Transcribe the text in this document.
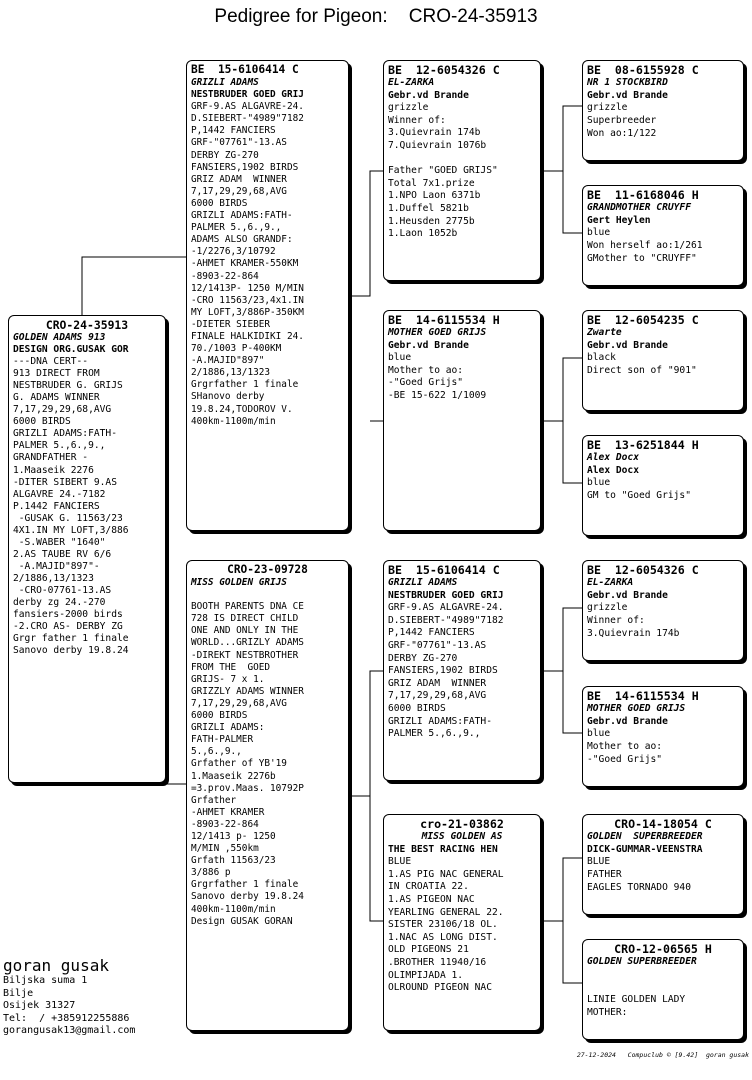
Pedigree for Pigeon:    CRO-24-35913
CRO-24-35913
GOLDEN ADAMS 913
DESIGN ORG.GUSAK GOR
---DNA CERT--
913 DIRECT FROM
NESTBRUDER G. GRIJS
G. ADAMS WINNER
7,17,29,29,68,AVG
6000 BIRDS
GRIZLI ADAMS:FATH-
PALMER 5.,6.,9.,
GRANDFATHER -
1.Maaseik 2276
-DITER SIBERT 9.AS
ALGAVRE 24.-7182
P.1442 FANCIERS
-GUSAK G. 11563/23
4X1.IN MY LOFT,3/886
-S.WABER "1640"
2.AS TAUBE RV 6/6
-A.MAJID"897"-
2/1886,13/1323
-CRO-07761-13.AS
derby zg 24.-270
fansiers-2000 birds
-2.CRO AS- DERBY ZG
Grgr father 1 finale
Sanovo derby 19.8.24
BE  15-6106414 C
GRIZLI ADAMS
NESTBRUDER GOED GRIJ
GRF-9.AS ALGAVRE-24.
D.SIEBERT-"4989"7182
P,1442 FANCIERS
GRF-"07761"-13.AS
DERBY ZG-270
FANSIERS,1902 BIRDS
GRIZ ADAM  WINNER
7,17,29,29,68,AVG
6000 BIRDS
GRIZLI ADAMS:FATH-
PALMER 5.,6.,9.,
ADAMS ALSO GRANDF:
-1/2276,3/10792
-AHMET KRAMER-550KM
-8903-22-864
12/1413P- 1250 M/MIN
-CRO 11563/23,4x1.IN
MY LOFT,3/886P-350KM
-DIETER SIEBER
FINALE HALKIDIKI 24.
70./1003 P-400KM
-A.MAJID"897"
2/1886,13/1323
Grgrfather 1 finale
SHanovo derby
19.8.24,TODOROV V.
400km-1100m/min
CRO-23-09728
MISS GOLDEN GRIJS
BOOTH PARENTS DNA CE
728 IS DIRECT CHILD
ONE AND ONLY IN THE
WORLD...GRIZLY ADAMS
-DIREKT NESTBROTHER
FROM THE  GOED
GRIJS- 7 x 1.
GRIZZLY ADAMS WINNER
7,17,29,29,68,AVG
6000 BIRDS
GRIZLI ADAMS:
FATH-PALMER
5.,6.,9.,
Grfather of YB'19
1.Maaseik 2276b
=3.prov.Maas. 10792P
Grfather
-AHMET KRAMER
-8903-22-864
12/1413 p- 1250
M/MIN ,550km
Grfath 11563/23
3/886 p
Grgrfather 1 finale
Sanovo derby 19.8.24
400km-1100m/min
Design GUSAK GORAN
BE  12-6054326 C
EL-ZARKA
Gebr.vd Brande
grizzle
Winner of:
3.Quievrain 174b
7.Quievrain 1076b
Father "GOED GRIJS"
Total 7x1.prize
1.NPO Laon 6371b
1.Duffel 5821b
1.Heusden 2775b
1.Laon 1052b
BE  14-6115534 H
MOTHER GOED GRIJS
Gebr.vd Brande
blue
Mother to ao:
-"Goed Grijs"
-BE 15-622 1/1009
BE  15-6106414 C
GRIZLI ADAMS
NESTBRUDER GOED GRIJ
GRF-9.AS ALGAVRE-24.
D.SIEBERT-"4989"7182
P,1442 FANCIERS
GRF-"07761"-13.AS
DERBY ZG-270
FANSIERS,1902 BIRDS
GRIZ ADAM  WINNER
7,17,29,29,68,AVG
6000 BIRDS
GRIZLI ADAMS:FATH-
PALMER 5.,6.,9.,
cro-21-03862
MISS GOLDEN AS
THE BEST RACING HEN
BLUE
1.AS PIG NAC GENERAL
IN CROATIA 22.
1.AS PIGEON NAC
YEARLING GENERAL 22.
SISTER 23106/18 OL.
1.NAC AS LONG DIST.
OLD PIGEONS 21
.BROTHER 11940/16
OLIMPIJADA 1.
OLROUND PIGEON NAC
BE  08-6155928 C
NR 1 STOCKBIRD
Gebr.vd Brande
grizzle
Superbreeder
Won ao:1/122
BE  11-6168046 H
GRANDMOTHER CRUYFF
Gert Heylen
blue
Won herself ao:1/261
GMother to "CRUYFF"
BE  12-6054235 C
Zwarte
Gebr.vd Brande
black
Direct son of "901"
BE  13-6251844 H
Alex Docx
Alex Docx
blue
GM to "Goed Grijs"
BE  12-6054326 C
EL-ZARKA
Gebr.vd Brande
grizzle
Winner of:
3.Quievrain 174b
BE  14-6115534 H
MOTHER GOED GRIJS
Gebr.vd Brande
blue
Mother to ao:
-"Goed Grijs"
CRO-14-18054 C
GOLDEN  SUPERBREEDER
DICK-GUMMAR-VEENSTRA
BLUE
FATHER
EAGLES TORNADO 940
CRO-12-06565 H
GOLDEN SUPERBREEDER
LINIE GOLDEN LADY
MOTHER:
goran gusak
Biljska suma 1
Bilje
Osijek 31327
Tel:  / +385912255886
gorangusak13@gmail.com
27-12-2024   Compuclub © [9.42]  goran gusak
